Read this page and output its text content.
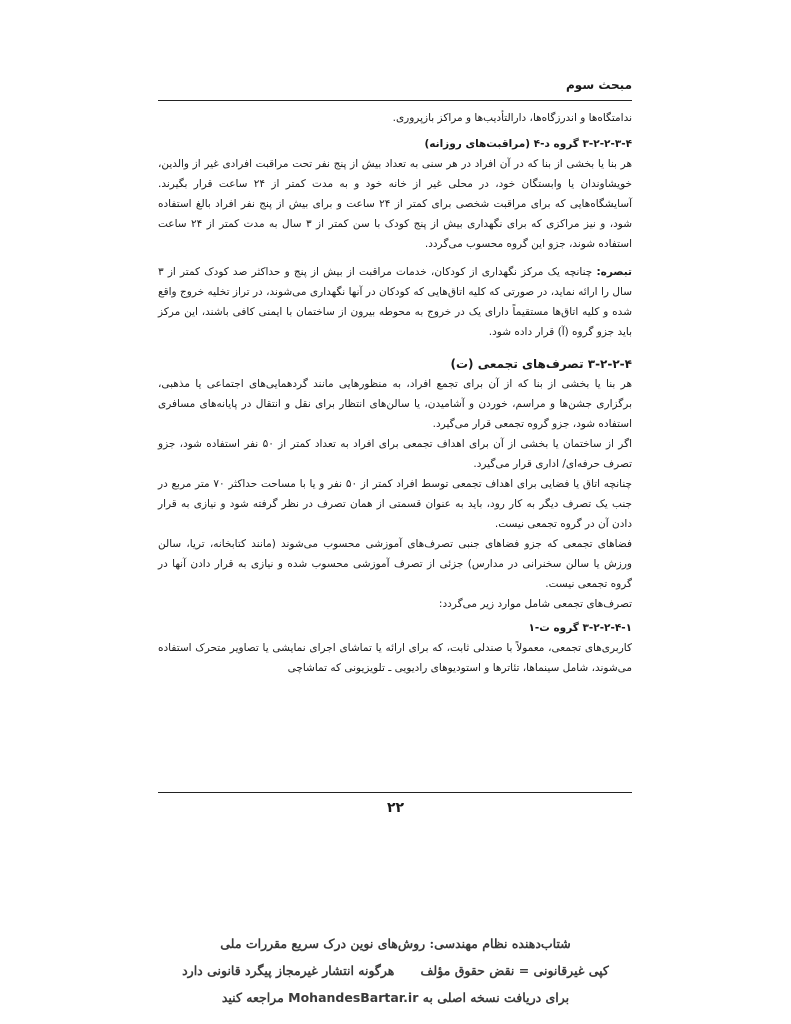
مبحث سوم

ندامتگاه‌ها و اندرزگاه‌ها، دارالتأدیب‌ها و مراکز بازپروری.

۳-۲-۲-۳-۴ گروه د-۴ (مراقبت‌های روزانه)

هر بنا یا بخشی از بنا که در آن افراد در هر سنی به تعداد بیش از پنج نفر تحت مراقبت افرادی غیر از والدین، خویشاوندان یا وابستگان خود، در محلی غیر از خانه خود و به مدت کمتر از ۲۴ ساعت قرار بگیرند. آسایشگاه‌هایی که برای مراقبت شخصی برای کمتر از ۲۴ ساعت و برای بیش از پنج نفر افراد بالغ استفاده شود، و نیز مراکزی که برای نگهداری بیش از پنج کودک با سن کمتر از ۳ سال به مدت کمتر از ۲۴ ساعت استفاده شوند، جزو این گروه محسوب می‌گردد.

تبصره: چنانچه یک مرکز نگهداری از کودکان، خدمات مراقبت از بیش از پنج و حداکثر صد کودک کمتر از ۳ سال را ارائه نماید، در صورتی که کلیه اتاق‌هایی که کودکان در آنها نگهداری می‌شوند، در تراز تخلیه خروج واقع شده و کلیه اتاق‌ها مستقیماً دارای یک در خروج به محوطه بیرون از ساختمان با ایمنی کافی باشند، این مرکز باید جزو گروه (آ) قرار داده شود.

۳-۲-۲-۴ تصرف‌های تجمعی (ت)

هر بنا یا بخشی از بنا که از آن برای تجمع افراد، به منظورهایی مانند گردهمایی‌های اجتماعی یا مذهبی، برگزاری جشن‌ها و مراسم، خوردن و آشامیدن، یا سالن‌های انتظار برای نقل و انتقال در پایانه‌های مسافری استفاده شود، جزو گروه تجمعی قرار می‌گیرد.

اگر از ساختمان یا بخشی از آن برای اهداف تجمعی برای افراد به تعداد کمتر از ۵۰ نفر استفاده شود، جزو تصرف حرفه‌ای/ اداری قرار می‌گیرد.

چنانچه اتاق یا فضایی برای اهداف تجمعی توسط افراد کمتر از ۵۰ نفر و یا با مساحت حداکثر ۷۰ متر مربع در جنب یک تصرف دیگر به کار رود، باید به عنوان قسمتی از همان تصرف در نظر گرفته شود و نیازی به قرار دادن آن در گروه تجمعی نیست.

فضاهای تجمعی که جزو فضاهای جنبی تصرف‌های آموزشی محسوب می‌شوند (مانند کتابخانه، تریا، سالن ورزش یا سالن سخنرانی در مدارس) جزئی از تصرف آموزشی محسوب شده و نیازی به قرار دادن آنها در گروه تجمعی نیست.

تصرف‌های تجمعی شامل موارد زیر می‌گردد:

۳-۲-۲-۴-۱ گروه ت-۱

کاربری‌های تجمعی، معمولاً با صندلی ثابت، که برای ارائه یا تماشای اجرای نمایشی یا تصاویر متحرک استفاده می‌شوند، شامل سینماها، تئاترها و استودیوهای رادیویی ـ تلویزیونی که تماشاچی

۲۲
شتاب‌دهنده نظام مهندسی: روش‌های نوین درک سریع مقررات ملی
کپی غیرقانونی = نقض حقوق مؤلف      هرگونه انتشار غیرمجاز پیگرد قانونی دارد
برای دریافت نسخه اصلی به MohandesBartar.ir مراجعه کنید
